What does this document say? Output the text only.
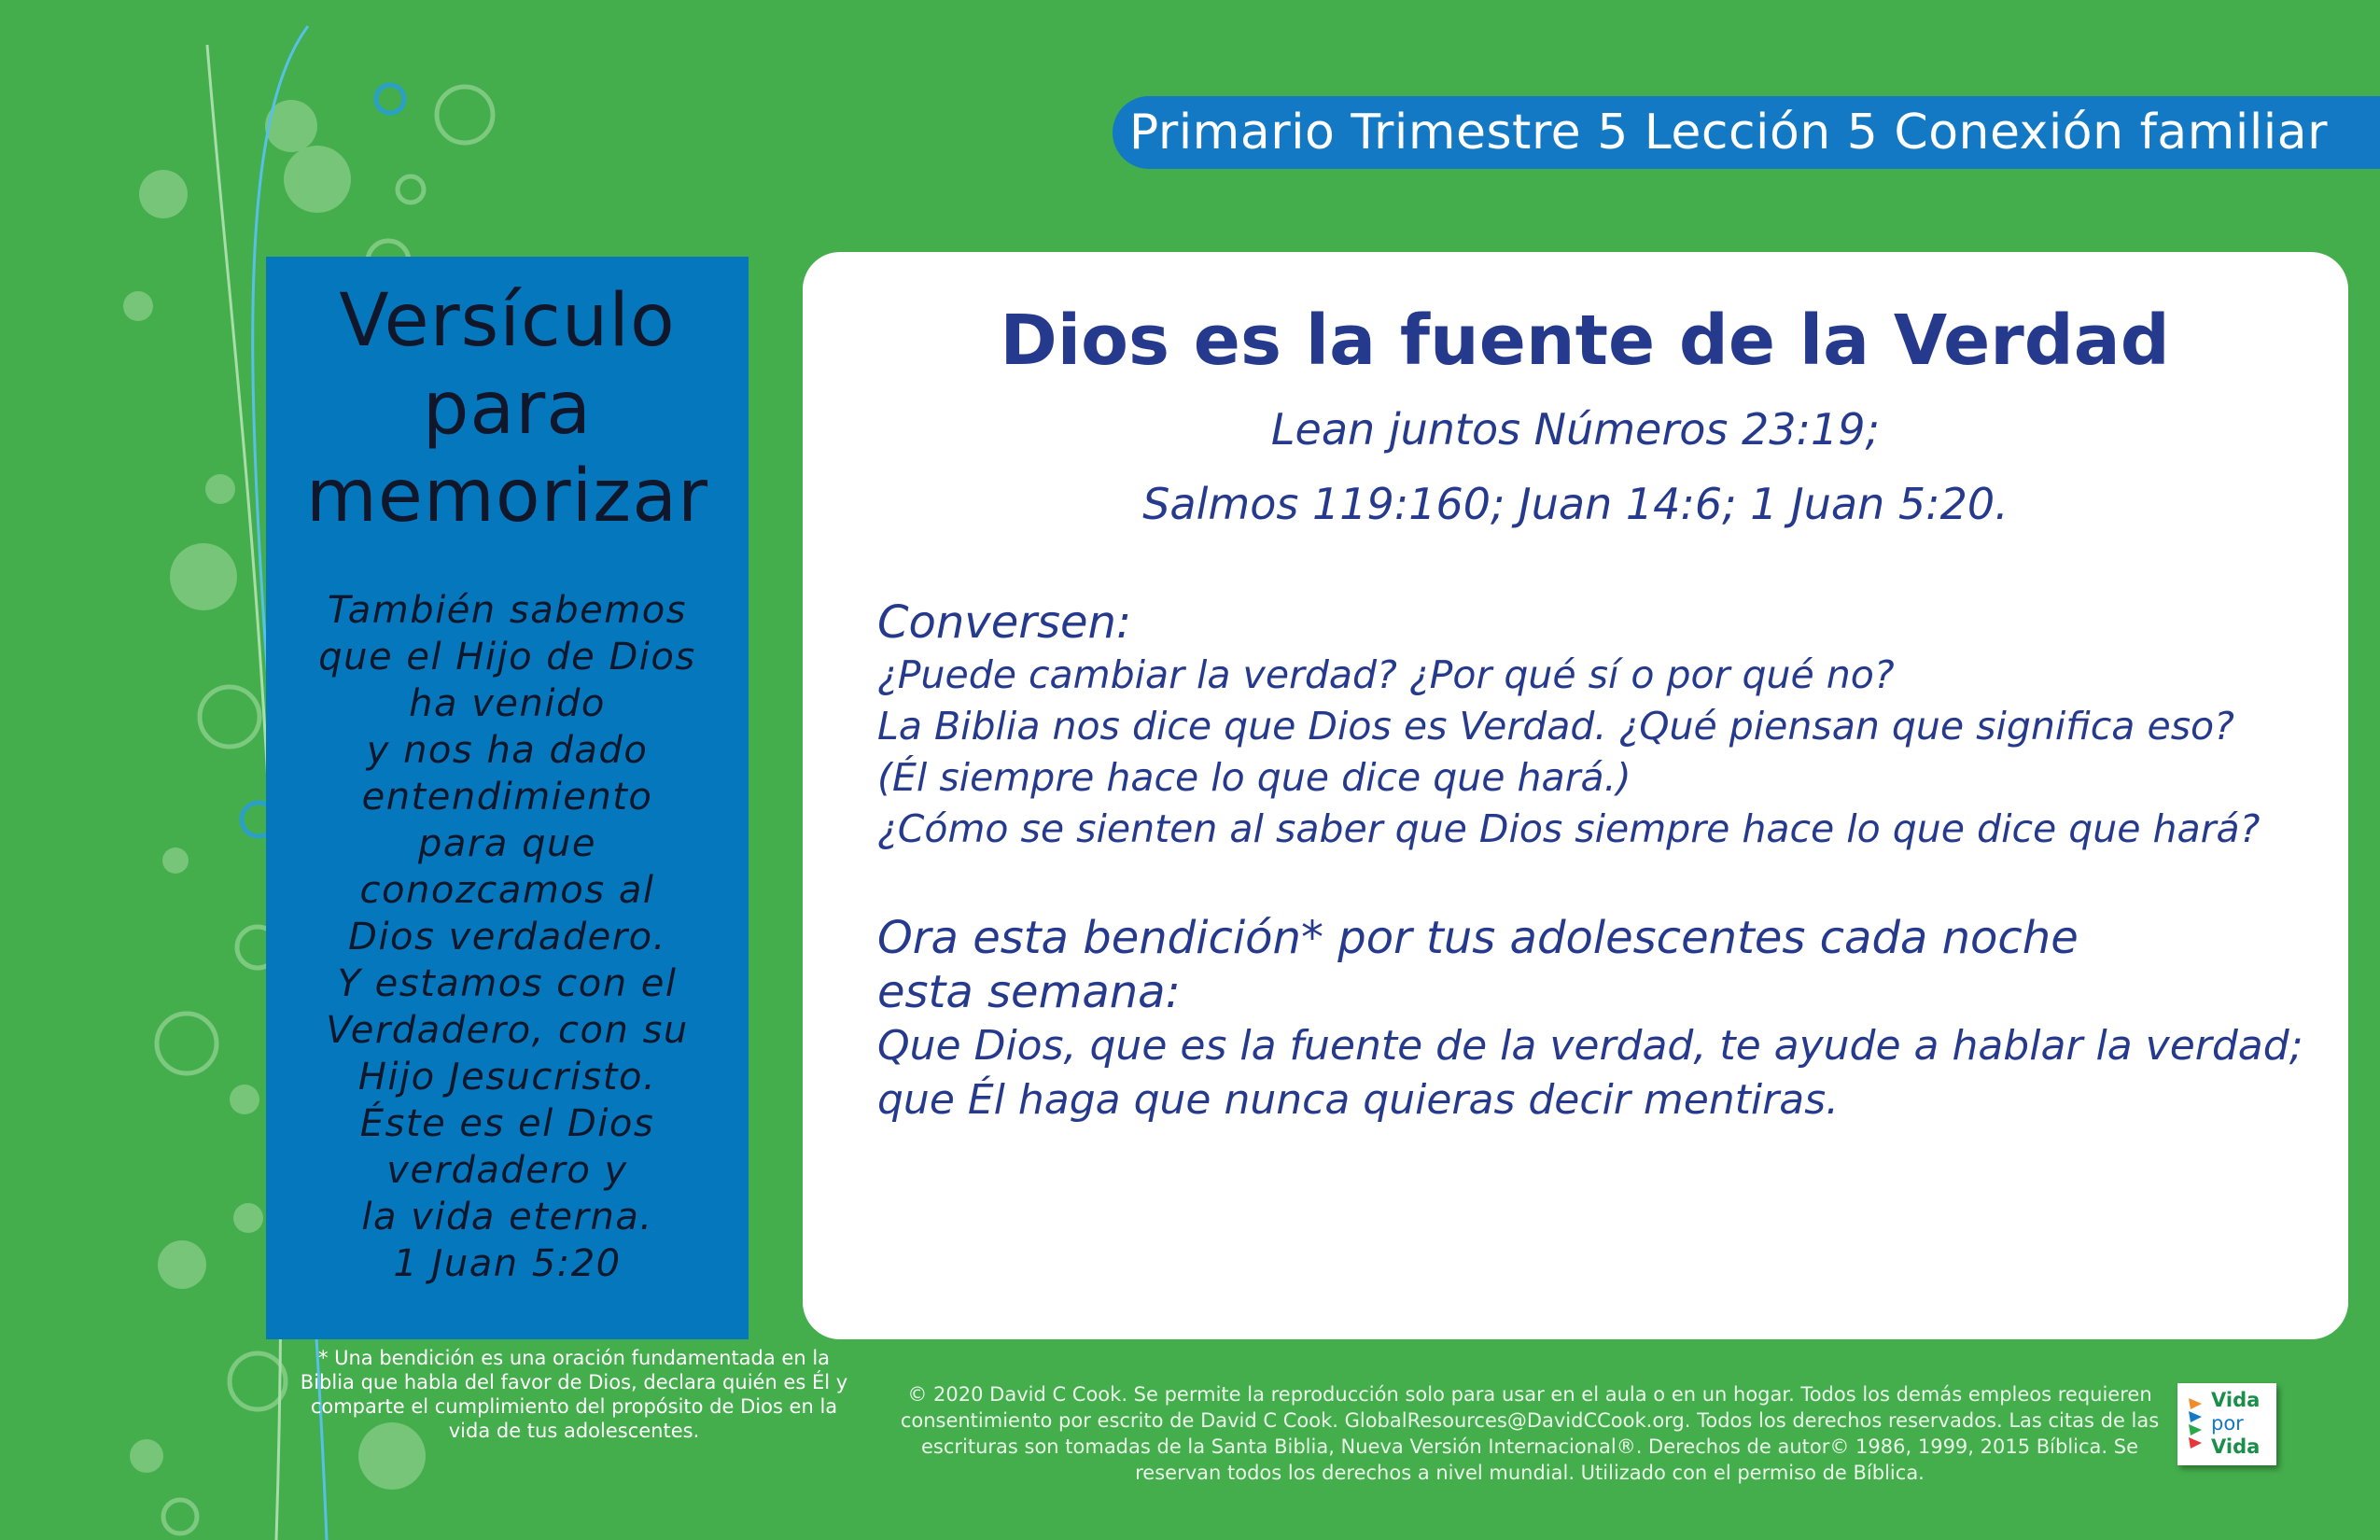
Primario Trimestre 5 Lección 5 Conexión familiar
Versículo
para
memorizar
También sabemos
que el Hijo de Dios
ha venido
y nos ha dado
entendimiento
para que
conozcamos al
Dios verdadero.
Y estamos con el
Verdadero, con su
Hijo Jesucristo.
Éste es el Dios
verdadero y
la vida eterna.
1 Juan 5:20
Dios es la fuente de la Verdad
Lean juntos Números 23:19;
Salmos 119:160; Juan 14:6; 1 Juan 5:20.
Conversen:
¿Puede cambiar la verdad? ¿Por qué sí o por qué no?
La Biblia nos dice que Dios es Verdad. ¿Qué piensan que significa eso?
(Él siempre hace lo que dice que hará.)
¿Cómo se sienten al saber que Dios siempre hace lo que dice que hará?
Ora esta bendición* por tus adolescentes cada noche esta semana:
Que Dios, que es la fuente de la verdad, te ayude a hablar la verdad;
que Él haga que nunca quieras decir mentiras.
* Una bendición es una oración fundamentada en la Biblia que habla del favor de Dios, declara quién es Él y comparte el cumplimiento del propósito de Dios en la vida de tus adolescentes.
© 2020 David C Cook. Se permite la reproducción solo para usar en el aula o en un hogar. Todos los demás empleos requieren consentimiento por escrito de David C Cook. GlobalResources@DavidCCook.org. Todos los derechos reservados. Las citas de las escrituras son tomadas de la Santa Biblia, Nueva Versión Internacional®. Derechos de autor© 1986, 1999, 2015 Bíblica. Se reservan todos los derechos a nivel mundial. Utilizado con el permiso de Bíblica.
Vida
por
Vida
